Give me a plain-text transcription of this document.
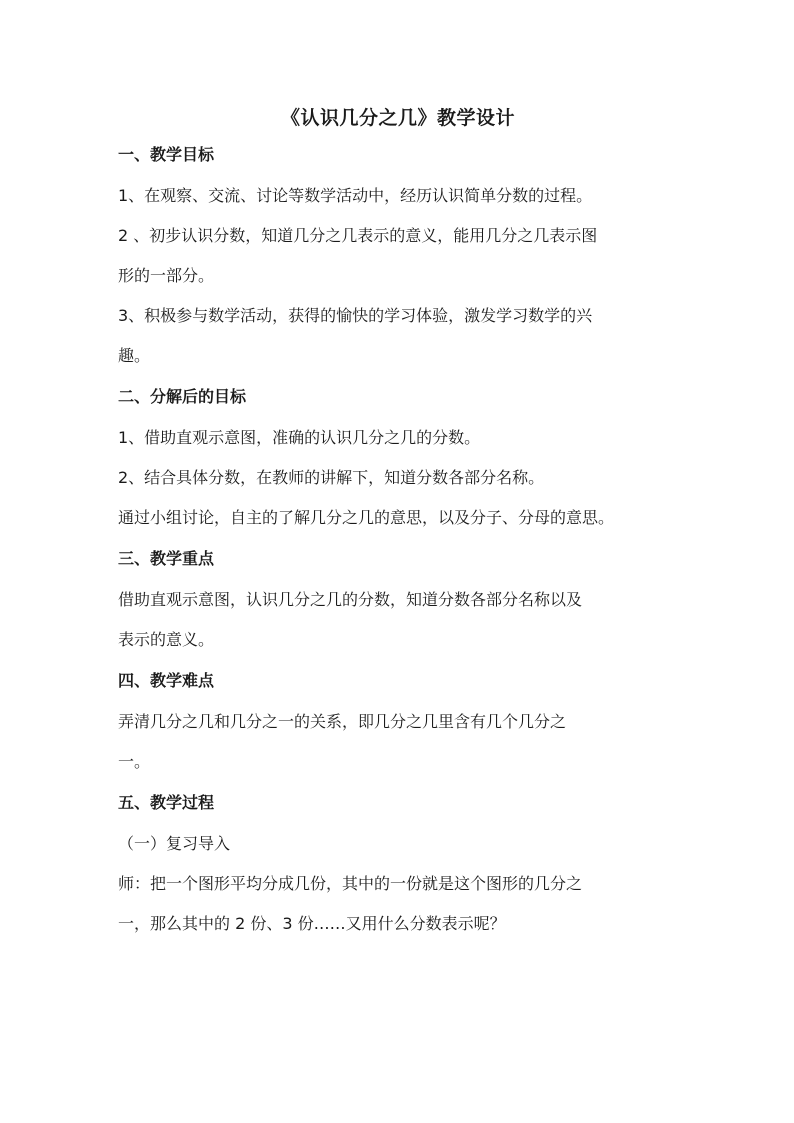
《认识几分之几》教学设计
一、教学目标

1、在观察、交流、讨论等数学活动中，经历认识简单分数的过程。

2 、初步认识分数，知道几分之几表示的意义，能用几分之几表示图

形的一部分。

3、积极参与数学活动，获得的愉快的学习体验，激发学习数学的兴

趣。

二、分解后的目标

1、借助直观示意图，准确的认识几分之几的分数。

2、结合具体分数，在教师的讲解下，知道分数各部分名称。

通过小组讨论，自主的了解几分之几的意思，以及分子、分母的意思。

三、教学重点

借助直观示意图，认识几分之几的分数，知道分数各部分名称以及

表示的意义。

四、教学难点

弄清几分之几和几分之一的关系，即几分之几里含有几个几分之

一。

五、教学过程

（一）复习导入

师：把一个图形平均分成几份，其中的一份就是这个图形的几分之

一，那么其中的 2 份、3 份……又用什么分数表示呢？
